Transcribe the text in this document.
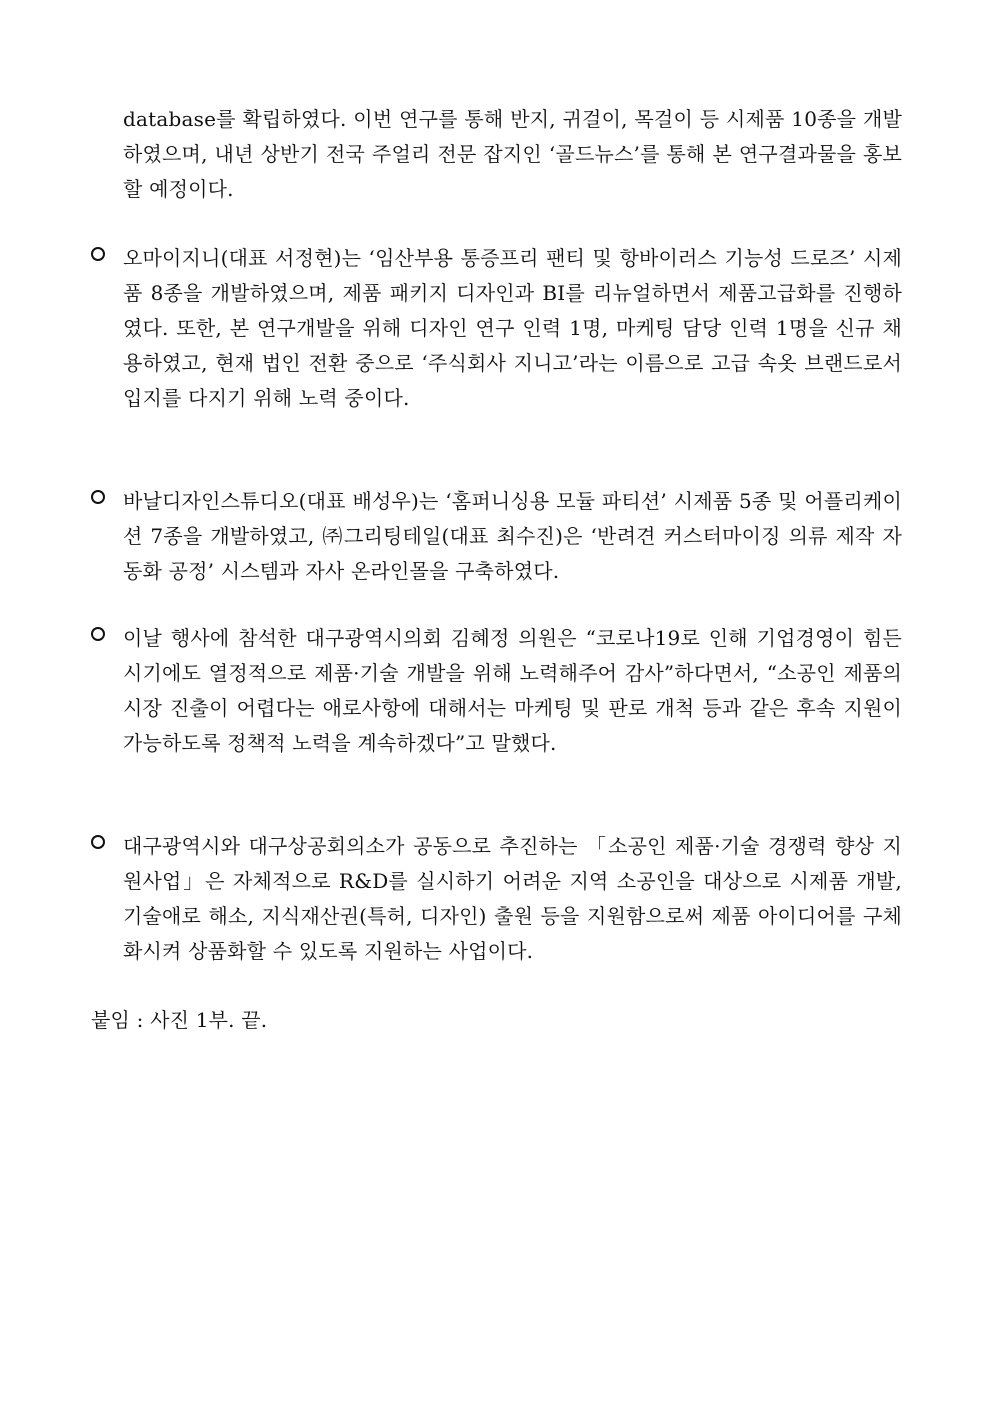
database를 확립하였다. 이번 연구를 통해 반지, 귀걸이, 목걸이 등 시제품 10종을 개발하였으며, 내년 상반기 전국 주얼리 전문 잡지인 ‘골드뉴스’를 통해 본 연구결과물을 홍보할 예정이다.
오마이지니(대표 서정현)는 ‘임산부용 통증프리 팬티 및 항바이러스 기능성 드로즈’ 시제품 8종을 개발하였으며, 제품 패키지 디자인과 BI를 리뉴얼하면서 제품고급화를 진행하였다. 또한, 본 연구개발을 위해 디자인 연구 인력 1명, 마케팅 담당 인력 1명을 신규 채용하였고, 현재 법인 전환 중으로 ‘주식회사 지니고’라는 이름으로 고급 속옷 브랜드로서 입지를 다지기 위해 노력 중이다.
바날디자인스튜디오(대표 배성우)는 ‘홈퍼니싱용 모듈 파티션’ 시제품 5종 및 어플리케이션 7종을 개발하였고, ㈜그리팅테일(대표 최수진)은 ‘반려견 커스터마이징 의류 제작 자동화 공정’ 시스템과 자사 온라인몰을 구축하였다.
이날 행사에 참석한 대구광역시의회 김혜정 의원은 “코로나19로 인해 기업경영이 힘든 시기에도 열정적으로 제품·기술 개발을 위해 노력해주어 감사”하다면서, “소공인 제품의 시장 진출이 어렵다는 애로사항에 대해서는 마케팅 및 판로 개척 등과 같은 후속 지원이 가능하도록 정책적 노력을 계속하겠다”고 말했다.
대구광역시와 대구상공회의소가 공동으로 추진하는 「소공인 제품·기술 경쟁력 향상 지원사업」은 자체적으로 R&D를 실시하기 어려운 지역 소공인을 대상으로 시제품 개발, 기술애로 해소, 지식재산권(특허, 디자인) 출원 등을 지원함으로써 제품 아이디어를 구체화시켜 상품화할 수 있도록 지원하는 사업이다.
붙임 : 사진 1부. 끝.
